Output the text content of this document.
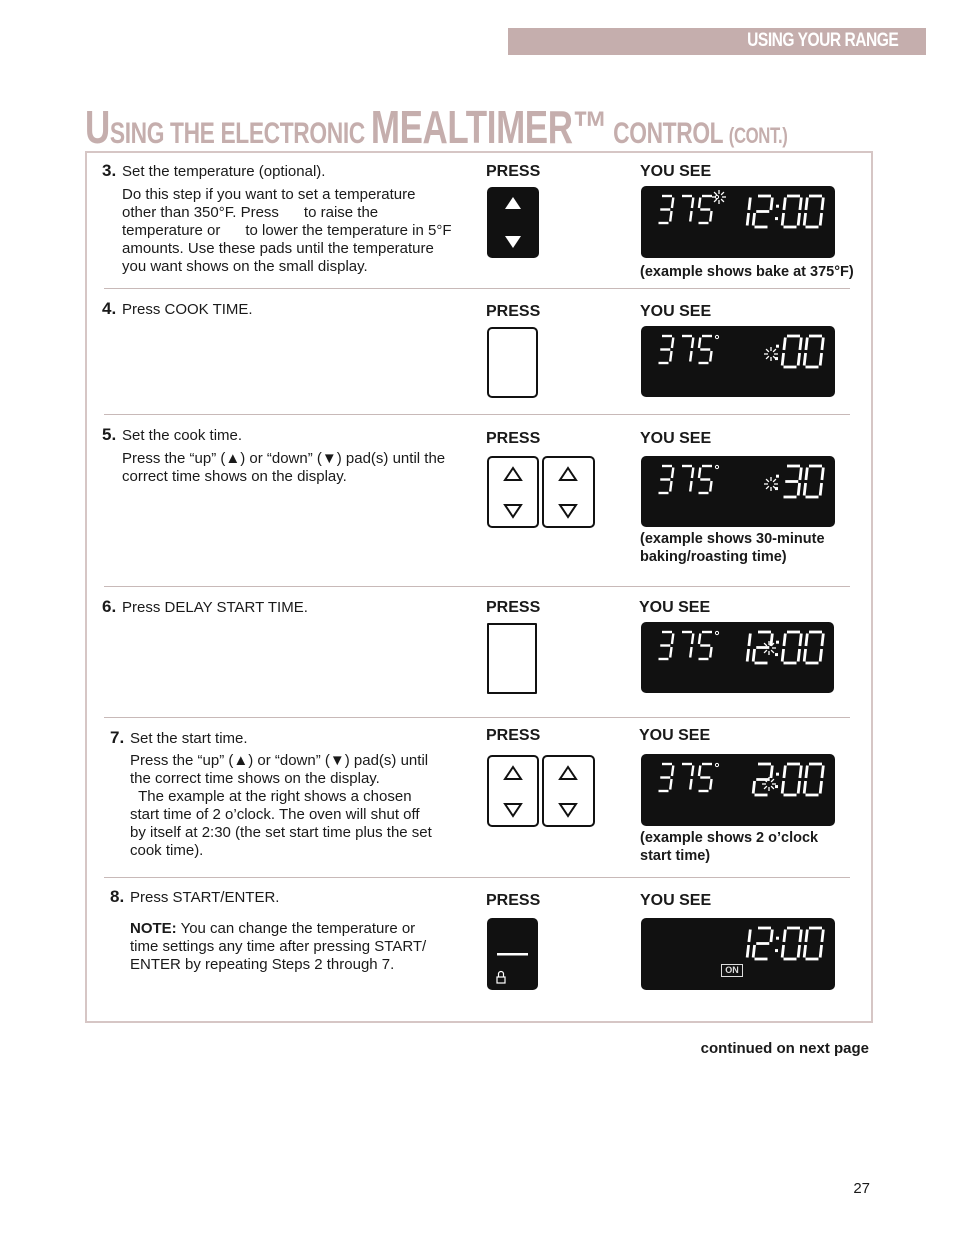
USING YOUR RANGE
USING THE ELECTRONIC MEALTIMER™ CONTROL (CONT.)
3. Set the temperature (optional).
Do this step if you want to set a temperature
other than 350°F. Press      to raise the
temperature or      to lower the temperature in 5°F
amounts. Use these pads until the temperature
you want shows on the small display.
PRESS	YOU SEE
(example shows bake at 375°F)
4. Press COOK TIME.	PRESS	YOU SEE
5. Set the cook time.
Press the “up” (▲) or “down” (▼) pad(s) until the
correct time shows on the display.
PRESS	YOU SEE
(example shows 30-minute
baking/roasting time)
6. Press DELAY START TIME.	PRESS	YOU SEE
7. Set the start time.
Press the “up” (▲) or “down” (▼) pad(s) until
the correct time shows on the display.
The example at the right shows a chosen
start time of 2 o’clock. The oven will shut off
by itself at 2:30 (the set start time plus the set
cook time).
PRESS	YOU SEE
(example shows 2 o’clock
start time)
8. Press START/ENTER.
NOTE: You can change the temperature or
time settings any time after pressing START/
ENTER by repeating Steps 2 through 7.
PRESS	YOU SEE
ON
continued on next page
27
